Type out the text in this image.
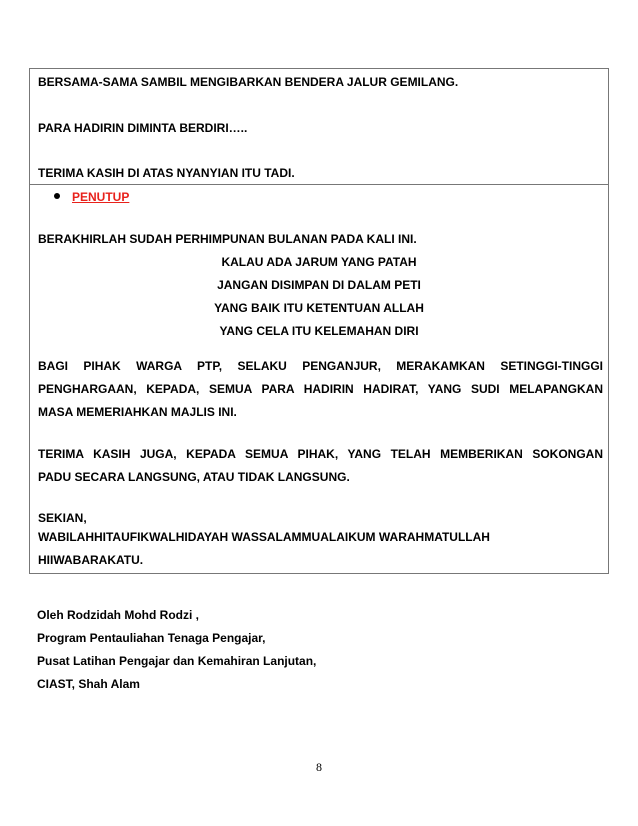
BERSAMA-SAMA SAMBIL MENGIBARKAN BENDERA JALUR GEMILANG.
PARA HADIRIN DIMINTA BERDIRI…..
TERIMA KASIH DI ATAS NYANYIAN ITU TADI.
PENUTUP
BERAKHIRLAH SUDAH PERHIMPUNAN BULANAN PADA KALI INI.
KALAU ADA JARUM YANG PATAH
JANGAN DISIMPAN DI DALAM PETI
YANG BAIK ITU KETENTUAN ALLAH
YANG CELA ITU KELEMAHAN DIRI
BAGI PIHAK WARGA PTP, SELAKU PENGANJUR, MERAKAMKAN SETINGGI-TINGGI
PENGHARGAAN, KEPADA, SEMUA PARA HADIRIN HADIRAT, YANG SUDI MELAPANGKAN
MASA MEMERIAHKAN MAJLIS INI.
TERIMA KASIH JUGA, KEPADA SEMUA PIHAK, YANG TELAH MEMBERIKAN SOKONGAN
PADU SECARA LANGSUNG, ATAU TIDAK LANGSUNG.
SEKIAN,
WABILAHHITAUFIKWALHIDAYAH WASSALAMMUALAIKUM WARAHMATULLAH
HIIWABARAKATU.
Oleh Rodzidah Mohd Rodzi ,
Program Pentauliahan Tenaga Pengajar,
Pusat Latihan Pengajar dan Kemahiran Lanjutan,
CIAST, Shah Alam
8
